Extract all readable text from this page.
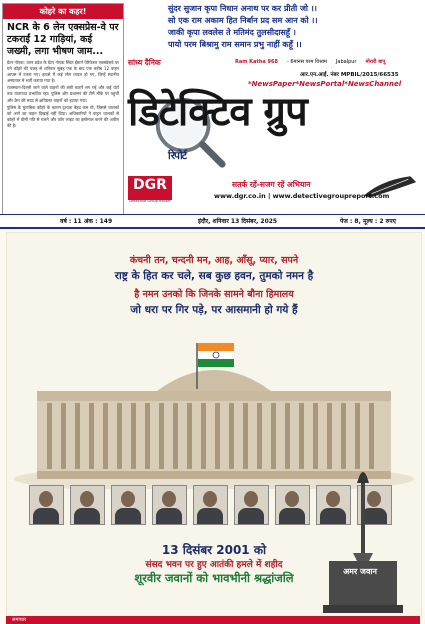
कोहरे का कहर!
NCR के 6 लेन एक्सप्रेस-वे पर टकराईं 12 गाड़ियां, कई जख्मी, लगा भीषण जाम...

ग्रेटर नोएडा: उत्तर प्रदेश के ग्रेटर नोएडा स्थित ईस्टर्न पेरिफेरल एक्सप्रेसवे पर घने कोहरे की वजह से शनिवार सुबह एक के बाद एक करीब 12 वाहन आपस में टकरा गए। हादसे में कई लोग घायल हो गए, जिन्हें स्थानीय अस्पताल में भर्ती कराया गया है।

राजस्थान-दिल्ली जाने वाले वाहनों की लंबी कतारें लग गईं और कई घंटों तक यातायात प्रभावित रहा। पुलिस और प्रशासन की टीमें मौके पर पहुंचीं और क्रेन की मदद से क्षतिग्रस्त वाहनों को हटाया गया।

पुलिस के मुताबिक कोहरे के कारण दृश्यता बेहद कम थी, जिससे चालकों को आगे का वाहन दिखाई नहीं दिया। अधिकारियों ने वाहन चालकों से कोहरे में धीमी गति से चलने और फॉग लाइट का इस्तेमाल करने की अपील की है।

सुंदर सुजान कृपा निधान अनाथ पर कर प्रीती जो ।।
सो एक राम अकाम हित निर्बान प्रद सम आन को ।।
जाकी कृपा लवलेस ते मतिमंद तुलसीदासहूँ ।
पायो परम बिश्रामु राम समान प्रभु नाहीं कहूँ ।।
सांध्य दैनिक	Ram Katha 968	- 6मानस परम विश्राम	Jabalpur	मोरारी बापू
आर.एन.आई. नंबर MPBIL/2015/66535
*NewsPaper*NewsPortal*NewsChannel
डिटेक्टिव ग्रुप
रिपोर्ट
DGR
Detective Group Report
सतर्क रहें-सजग रहें अभियान
www.dgr.co.in | www.detectivegroupreport.com
वर्ष : 11 अंक : 149	इंदौर, शनिवार 13 दिसंबर, 2025	पेज : 8, मूल्य : 2 रुपए
कंचनी तन, चन्दनी मन, आह, आँसू, प्यार, सपने
राष्ट्र के हित कर चले, सब कुछ हवन, तुमको नमन है
है नमन उनको कि जिनके सामने बौना हिमालय
जो धरा पर गिर पड़े, पर आसमानी हो गये हैं
अमर जवान
13 दिसंबर 2001 को
संसद भवन पर हुए आतंकी हमले में शहीद
शूरवीर जवानों को भावभीनी श्रद्धांजलि
समाचार
